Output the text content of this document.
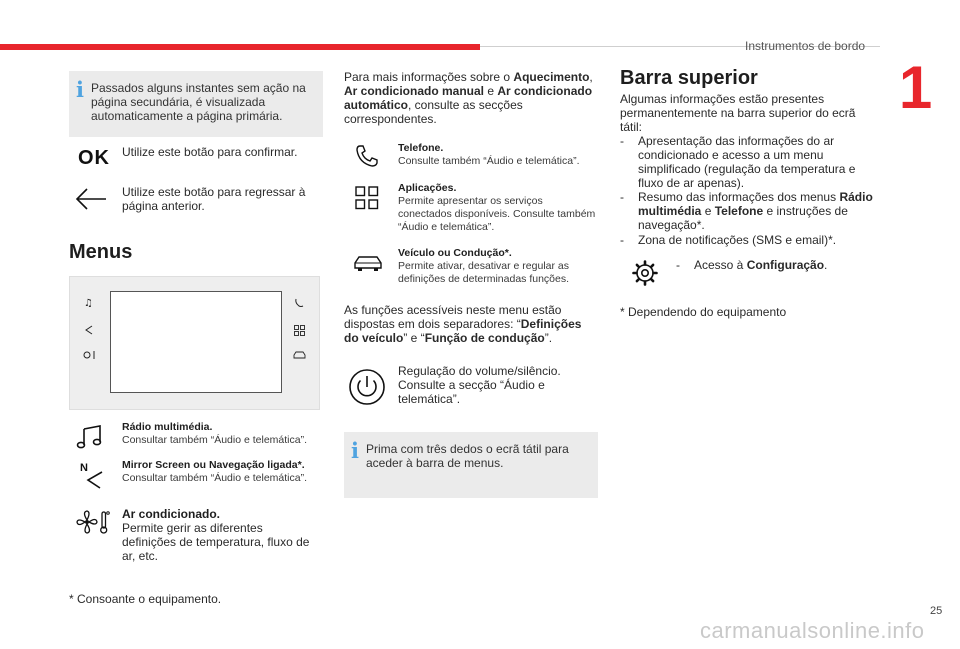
Instrumentos de bordo
1
i Passados alguns instantes sem ação na página secundária, é visualizada automaticamente a página primária.
OK Utilize este botão para confirmar.
Utilize este botão para regressar à página anterior.
Menus
♫
Rádio multimédia.
Consultar também “Áudio e telemática”.
N	Mirror Screen ou Navegação ligada*.
Consultar também “Áudio e telemática”.
Ar condicionado.
Permite gerir as diferentes definições de temperatura, fluxo de ar, etc.
* Consoante o equipamento.
Para mais informações sobre o Aquecimento, Ar condicionado manual e Ar condicionado automático, consulte as secções correspondentes.
Telefone.
Consulte também “Áudio e telemática”.
Aplicações.
Permite apresentar os serviços conectados disponíveis. Consulte também “Áudio e telemática”.
Veículo ou Condução*.
Permite ativar, desativar e regular as definições de determinadas funções.
As funções acessíveis neste menu estão dispostas em dois separadores: “Definições do veículo” e “Função de condução”.
Regulação do volume/silêncio. Consulte a secção “Áudio e telemática”.
i Prima com três dedos o ecrã tátil para aceder à barra de menus.
Barra superior
Algumas informações estão presentes permanentemente na barra superior do ecrã tátil:
- Apresentação das informações do ar condicionado e acesso a um menu simplificado (regulação da temperatura e fluxo de ar apenas).
- Resumo das informações dos menus Rádio multimédia e Telefone e instruções de navegação*.
- Zona de notificações (SMS e email)*.
- Acesso à Configuração.
* Dependendo do equipamento
25
carmanualsonline.info
